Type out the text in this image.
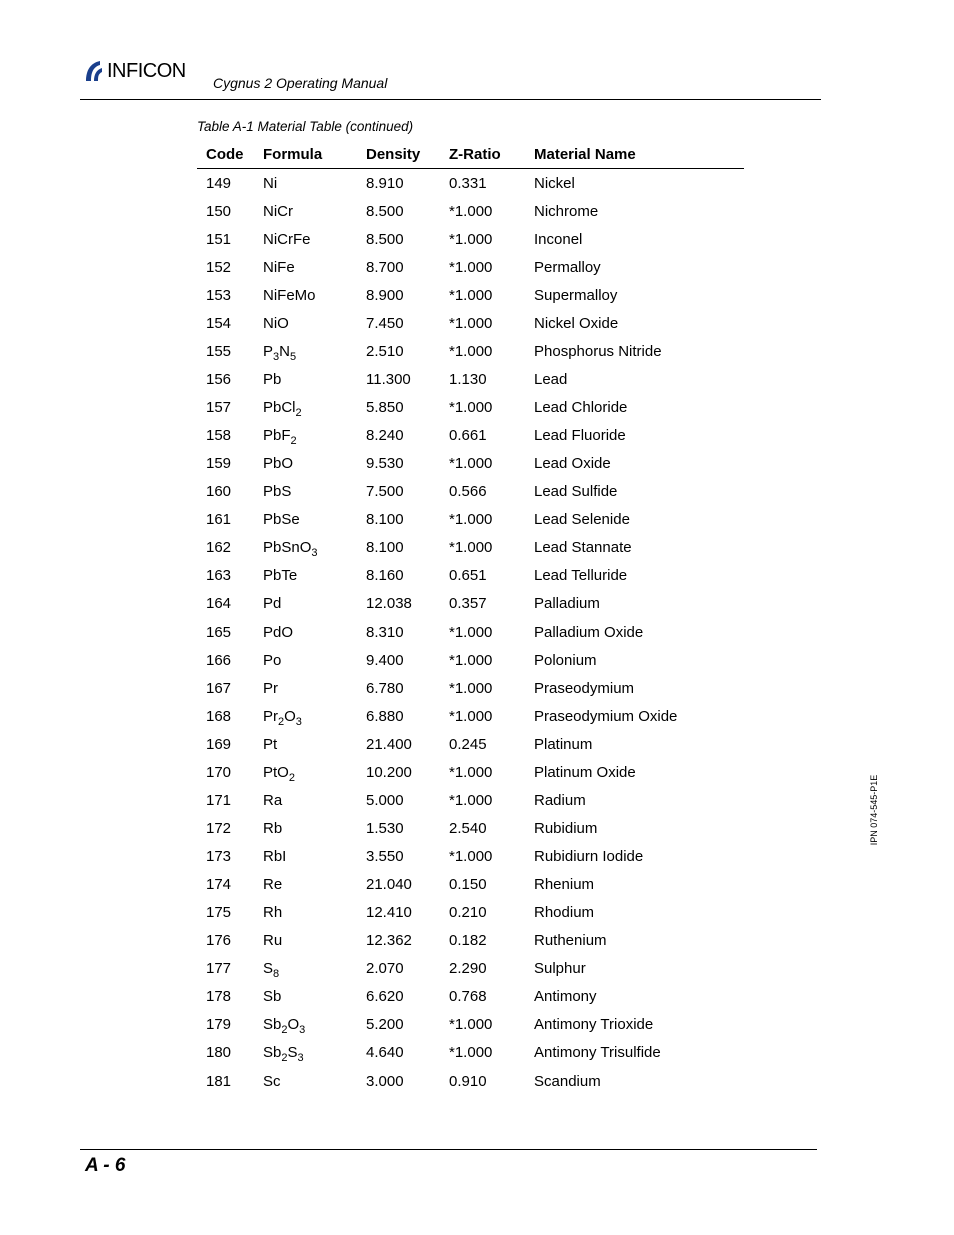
INFICON
Cygnus 2 Operating Manual
Table A-1 Material Table (continued)
Code	Formula	Density	Z-Ratio	Material Name
149	Ni	8.910	0.331	Nickel
150	NiCr	8.500	*1.000	Nichrome
151	NiCrFe	8.500	*1.000	Inconel
152	NiFe	8.700	*1.000	Permalloy
153	NiFeMo	8.900	*1.000	Supermalloy
154	NiO	7.450	*1.000	Nickel Oxide
155	$P_3N_5$	2.510	*1.000	Phosphorus Nitride
156	Pb	11.300	1.130	Lead
157	PbCl$_2$	5.850	*1.000	Lead Chloride
158	PbF$_2$	8.240	0.661	Lead Fluoride
159	PbO	9.530	*1.000	Lead Oxide
160	PbS	7.500	0.566	Lead Sulfide
161	PbSe	8.100	*1.000	Lead Selenide
162	PbSnO$_3$	8.100	*1.000	Lead Stannate
163	PbTe	8.160	0.651	Lead Telluride
164	Pd	12.038	0.357	Palladium
165	PdO	8.310	*1.000	Palladium Oxide
166	Po	9.400	*1.000	Polonium
167	Pr	6.780	*1.000	Praseodymium
168	$Pr_2O_3$	6.880	*1.000	Praseodymium Oxide
169	Pt	21.400	0.245	Platinum
170	PtO$_2$	10.200	*1.000	Platinum Oxide
171	Ra	5.000	*1.000	Radium
172	Rb	1.530	2.540	Rubidium
173	RbI	3.550	*1.000	Rubidiurn Iodide
174	Re	21.040	0.150	Rhenium
175	Rh	12.410	0.210	Rhodium
176	Ru	12.362	0.182	Ruthenium
177	$S_8$	2.070	2.290	Sulphur
178	Sb	6.620	0.768	Antimony
179	$Sb_2O_3$	5.200	*1.000	Antimony Trioxide
180	$Sb_2S_3$	4.640	*1.000	Antimony Trisulfide
181	Sc	3.000	0.910	Scandium
IPN 074-545-P1E
A - 6
